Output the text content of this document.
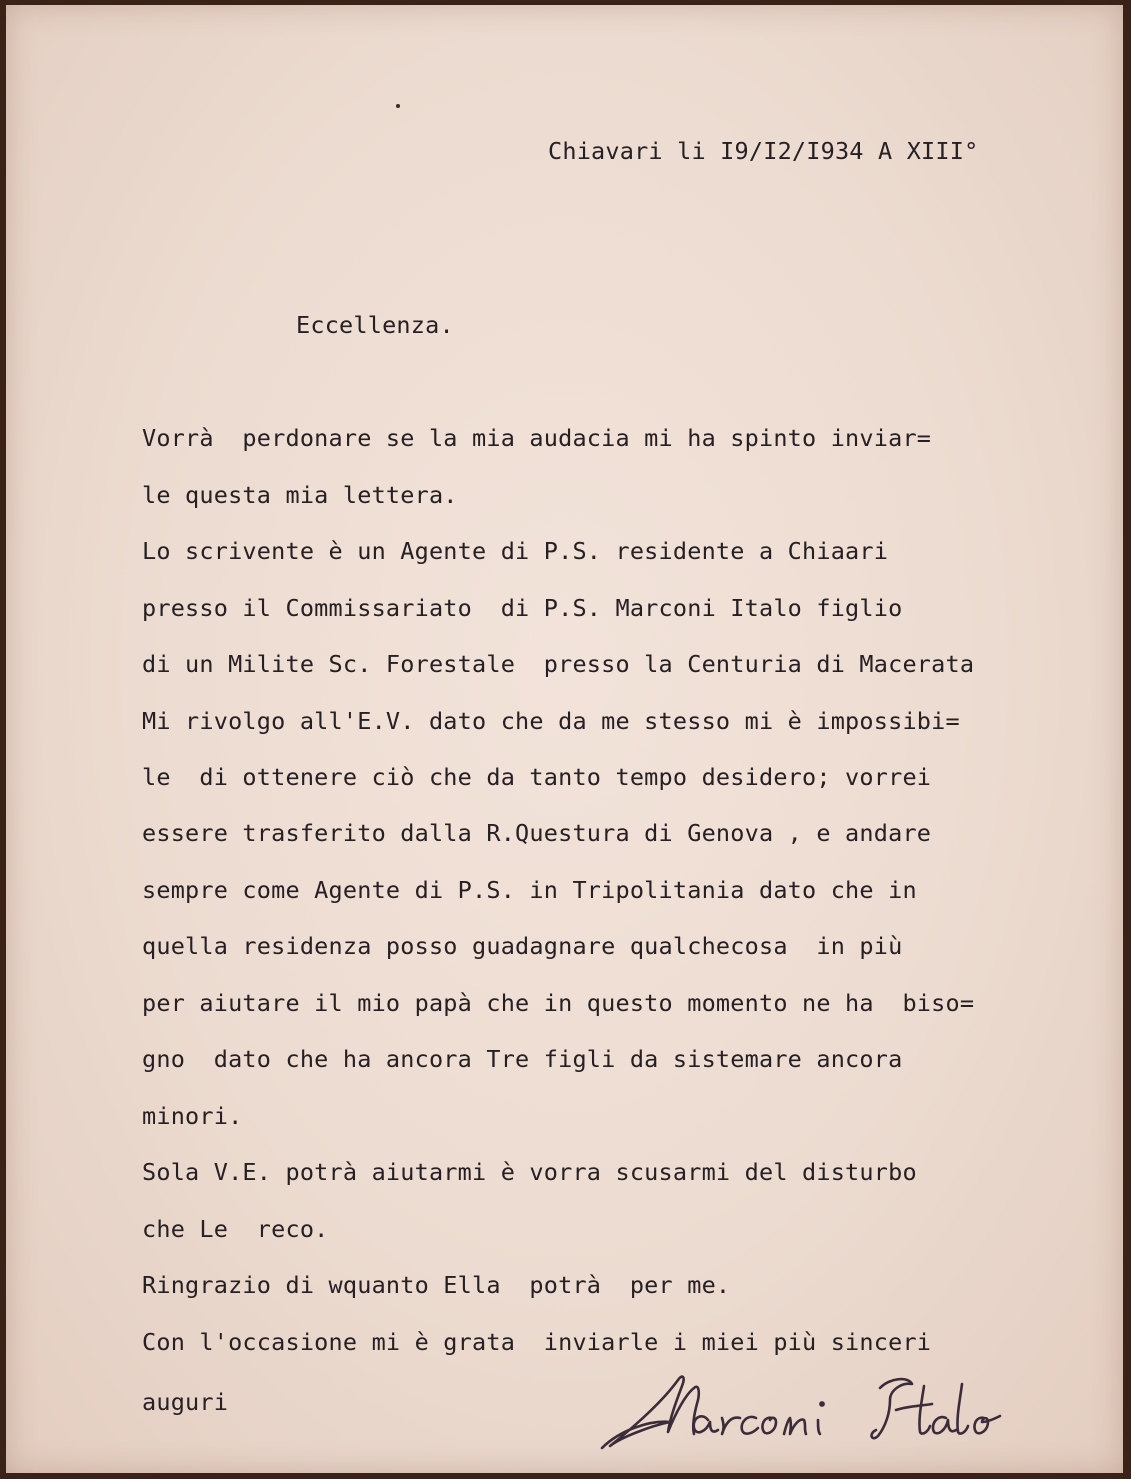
Chiavari li I9/I2/I934 A XIII°
Eccellenza.
Vorrà  perdonare se la mia audacia mi ha spinto inviar=
le questa mia lettera.
Lo scrivente è un Agente di P.S. residente a Chiaari
presso il Commissariato  di P.S. Marconi Italo figlio
di un Milite Sc. Forestale  presso la Centuria di Macerata
Mi rivolgo all'E.V. dato che da me stesso mi è impossibi=
le  di ottenere ciò che da tanto tempo desidero; vorrei
essere trasferito dalla R.Questura di Genova , e andare
sempre come Agente di P.S. in Tripolitania dato che in
quella residenza posso guadagnare qualchecosa  in più
per aiutare il mio papà che in questo momento ne ha  biso=
gno  dato che ha ancora Tre figli da sistemare ancora
minori.
Sola V.E. potrà aiutarmi è vorra scusarmi del disturbo
che Le  reco.
Ringrazio di wquanto Ella  potrà  per me.
Con l'occasione mi è grata  inviarle i miei più sinceri
auguri
